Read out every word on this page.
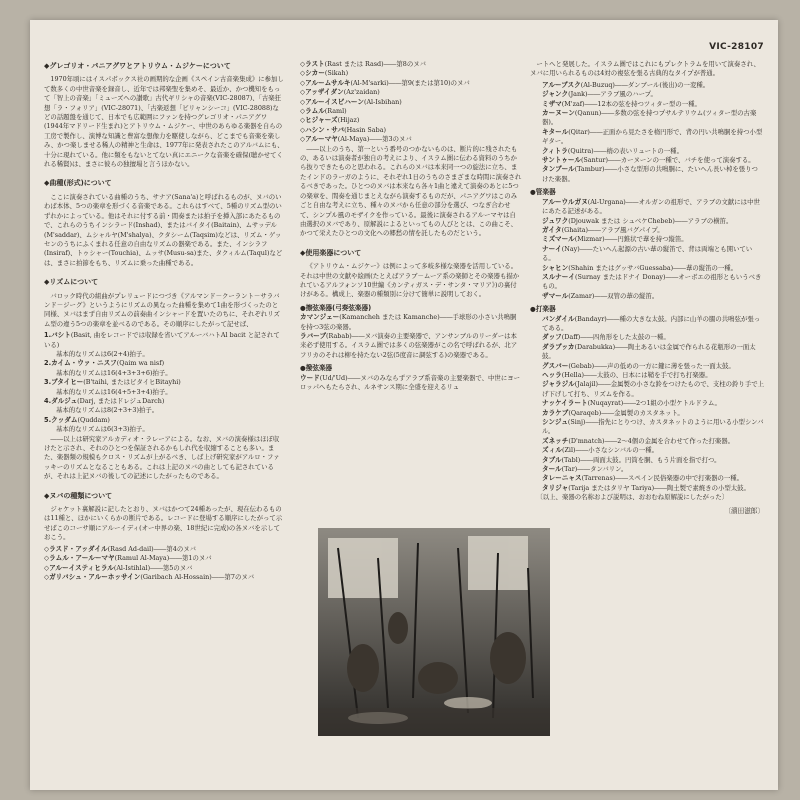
VIC-28107
◆グレゴリオ・パニアグワとアトリウム・ムジケーについて
1970年頃にはイスパボックス社の画期的な企画《スペイン古音楽集成》に参加して数多くの中世音楽を録音し、近年では邦楽聖を集めそ、最近か、かつ機知をもって「智上の音楽」「ミューズへの讃歌」古代ギリシャの音楽(VIC-28087)、「古楽狂想「ラ・フォリア」(VIC-28071)、「古楽返想「ビリャンシーコ」(VIC-28088)などの話題盤を通じて、日本でも広範囲にファンを持つグレゴリオ・パニアグワ(1944年マドリード生まれ)とアトリウム・ムジケー、中世のあらゆる楽器を自らの工房で製作し、演博な知識と豊富な想像力を駆使しながら、どこまでも音楽を楽しみ、かつ楽しませる稀人の精神と生命は、1977年に発表されたこのアルバムにも、十分に現れている。他に類をもないとてない真にエニークな音楽を確保(聴かせてくれる稀賢)は、まさに彼らの独擅場と言うほかない。
◆曲種(形式)について
ここに演奏されている曲種のうち、サナア(Sana'a)と呼ばれるものが、ヌバのいわば本体、5つの楽章を形づくる音楽である。これらはすべて、5種のリズム型のいずれかによっている。他はそれに付する前・間奏または拍子を挿入部にあたるもので、これらのうちインシラード(Inshad)、またはバイタイ(Baitain)、ムサッデル(M'saddar)、ムシャルヤ(M'shalya)、クタシーム(Taqsim)などは、リズム・ゲッセンのうちにふくまれる任意の自由なリズムの器楽である。また、インシラフ(Insiraf)、トゥシャー(Touchia)、ムッサ(Musu-sa)また、タクィルム(Taqul)などは、まさに拍節をもち、リズムに乗った曲種である。
◆リズムについて
バロック時代の組曲がプレリュードにつづき《アルマンド－クーラント－サラバンド－ジーグ》というようにリズムの異なった曲種を集めて1曲を形づくったのと同様、ヌバはまず自由リズムの前奏曲インシャードを置いたのちに、それぞれリズム型の違う5つの楽章を並べるのである。その順序にしたがって記せば、
1.バシト(Basit, 曲をレコードでは収録を省いてアルーバハトAl bacit と記されている)
基本的なリズムは6(2+4)拍子。
2.カイム・ウァ・ニスフ(Qaim wa nisf)
基本的なリズムは16(4+3+3+6)拍子。
3.ブタイヒー(B'taihi, またはビタイヒBitayhi)
基本的なリズムは16(4+5+3+4)拍子。
4.ダルジュ(Darj, またはドレジュDarch)
基本的なリズムは8(2+3+3)拍子。
5.クッダム(Quddam)
基本的なリズムは6(3+3)拍子。
――以上は研究家アルカディオ・ラレーアによる。なお、ヌバの演奏様はほぼ収けたと示され、それのひとつを保証されるかもしれ代を収縮することも多い。また、楽器類の規模もクロス・リズムが上がるべき、しば上げ研究家がアルロ・ファッキーのリズムとなることもある。これは上記のヌバの曲としても記されているが、それは上記ヌバの後しての記述にしたがったものである。
◆ヌバの種類について
ジャケット裏解説に記したとおり、ヌバはかつて24種あったが、現在伝わるものは11種と、ほかにいくらかの断片である。レコードに登場する順序にしたがって示せばこのコーサ順にアルーイディ(オー中界の楽、18世紀に完成)の各ヌバを示しておこう。
◇ラスド・アッダイル(Rasd Ad-dail)――第4のヌバ
◇ラムル・アールーマヤ(Ramul Al-Maya)――第1のヌバ
◇アルーイスティヒラル(Al-Istihlal)――第5のヌバ
◇ガリバシュ・アルーホッサイン(Garibach Al-Hossain)――第7のヌバ
◇ラスト(Rast または Rasd)――第8のヌバ
◇シカー(Sikah)
◇アルームサルキ(Al-M'sarki)――第9(または第10)のヌバ
◇アッザイダン(Az'zaidan)
◇アルーイスビハーン(Al-Isbihan)
◇ラムル(Raml)
◇ヒジャーズ(Hijaz)
◇ハシン・サバ(Hasin Saba)
◇アルーマヤ(Al-Maya)――第3のヌバ
――以上のうち、第一という番号のつかないものは、断片的に残されたもの、あるいは演奏者が独自の考えにより、イスラム圏に伝わる資料のうちから抜りできたものと思われる。これらのヌバは本来同一つの旋法に立ち、またインドのラーガのように、それぞれ1日のうちのさまざまな時間に演奏されるべきであった。ひとつのヌバは本来なら各々1曲と違えて演奏のあとに5つの楽章を、間奏を通じまとえながら演奏するものだが、パニアグワはこのみごと自由な考えに立ち、種々のヌバから任意の部分を選び、つなぎ合わせて、シンプル風のモザイクを作っている。最後に演奏されるアルーマヤは自由選択のヌバであり、原解説によるといってもの人びととは、この曲こそ、かつて栄えたひとつの文化への郷愁の情を託したものだという。
◆使用楽器について
《アトリウム・ムジケー》は例によって多岐多様な楽器を活用している。それは中世の文献や絵画(たとえばアラブ－ムーア系の楽師とその楽器も描かれているアルフォンソ10世編《カンティガス・デ・サンタ・マリア》)の裏付けがある。構成上、楽器の種類別に分けて簡単に説明しておく。
●擦弦楽器(弓奏弦楽器)
カマンジェー(Kamancheh または Kamanche)――手球形の小さい共鳴胴を持つ3弦の楽器。
ラバーブ(Rabab)――ヌバ演奏の主要楽器で、アンサンブルのリーダーは本来必ず使用する。イスラム圏では多くの弦楽器がこの名で呼ばれるが、北アフリカのそれは柳を持たない2弦(5度音に調弦する)の楽器である。
●撥弦楽器
ウード(Ud/'Ud)――ヌバのみならずアラブ系音楽の主要楽器で、中世にヨーロッパへもたらされ、ルネサンス期に全盛を迎えるリュ
ートへと発展した。イスラム圏ではこれにもプレクトラムを用いて演奏され、ヌバに用いられるものは4対の複弦を張る古典的なタイプが普通。
アルーブスク(Al-Buzuq)――ダンブール(後出)の一変種。
ジャンク(Jank)――アラブ風のハープ。
ミザマ(M'zaf)――12本の弦を持つツィター型の一種。
カーヌーン(Qanun)――多数の弦を持つプサルテリウム(ツィター型の古楽器)。
キタール(Qitar)――正面から見たさを楕円形で、背の円い共鳴胴を持つ小型ギター。
クィトラ(Quitra)――楕の表いリュートの一種。
サントゥール(Santur)――カーヌーンの一種で、バチを使って演奏する。
タンブール(Tambur)――小さな型形の共鳴胴に、たいへん長い棹を張りつけた楽器。
●管楽器
アルーウルガヌ(Al-Urgana)――オルガンの祖形で、アラブの文献には中世にあたる記述がある。
ジュワク(Djouwak または シュベケChebeb)――アラブの横笛。
ガイタ(Ghaita)――アラブ風バグパイプ。
ミズマール(Mizmar)――円錐状で葦を持つ縦笛。
ナーイ(Nay)――たいへん起源の古い葦の縦笛で、背は両端とも開いている。
シャヒン(Shahin またはグッサバGuessaba)――葦の縦笛の一種。
スルナーイ(Surnay またはドナイ Donay)――オーボエの祖形ともいうべきもの。
ザマール(Zamar)――双管の葦の縦笛。
●打楽器
バンダイル(Bandayr)――種の大きな太鼓。内部に山羊の腸の共鳴弦が張ってある。
ダッフ(Daff)――四角形をした太鼓の一種。
ダラブッカ(Darabukka)――陶土あるいは金属で作られる花瓶形の一面太鼓。
グスバー(Gebab)――声の低めの一方に鍵に薄を張った一面太鼓。
ヘッラ(Hella)――太鼓の、日本には鞘を手で打ち打楽器。
ジャラジル(Jalajil)――金属製の小さな鈴をつけたもので、支柱の鈴り手で上げ下げして打ち、リズムを作る。
ナッケイラート(Nuqayrat)――2つ1組の小型ケトルドラム。
カラケブ(Qaraqeb)――金属製のカスタネット。
シンジュ(Sinj)――指先にとりつけ、カスタネットのように用いる小型シンバル。
ズネッチ(D'mnatch)――2～4個の金属を合わせて作った打楽器。
ズィル(Zil)――小さなシンバルの一種。
タブル(Tabl)――両面太鼓。円筒を胴、もう片面を指で打つ。
タール(Tar)――タンバリン。
タレーニャス(Tarrenas)――スペイン民俗楽器の中で打楽器の一種。
タリジャ(Tarija またはタリヤ Tariya)――陶土製で素焼きの小型太鼓。
〔以上、楽器の名称および説明は、おおむね原解説にしたがった〕
〔濱田滋郎〕
